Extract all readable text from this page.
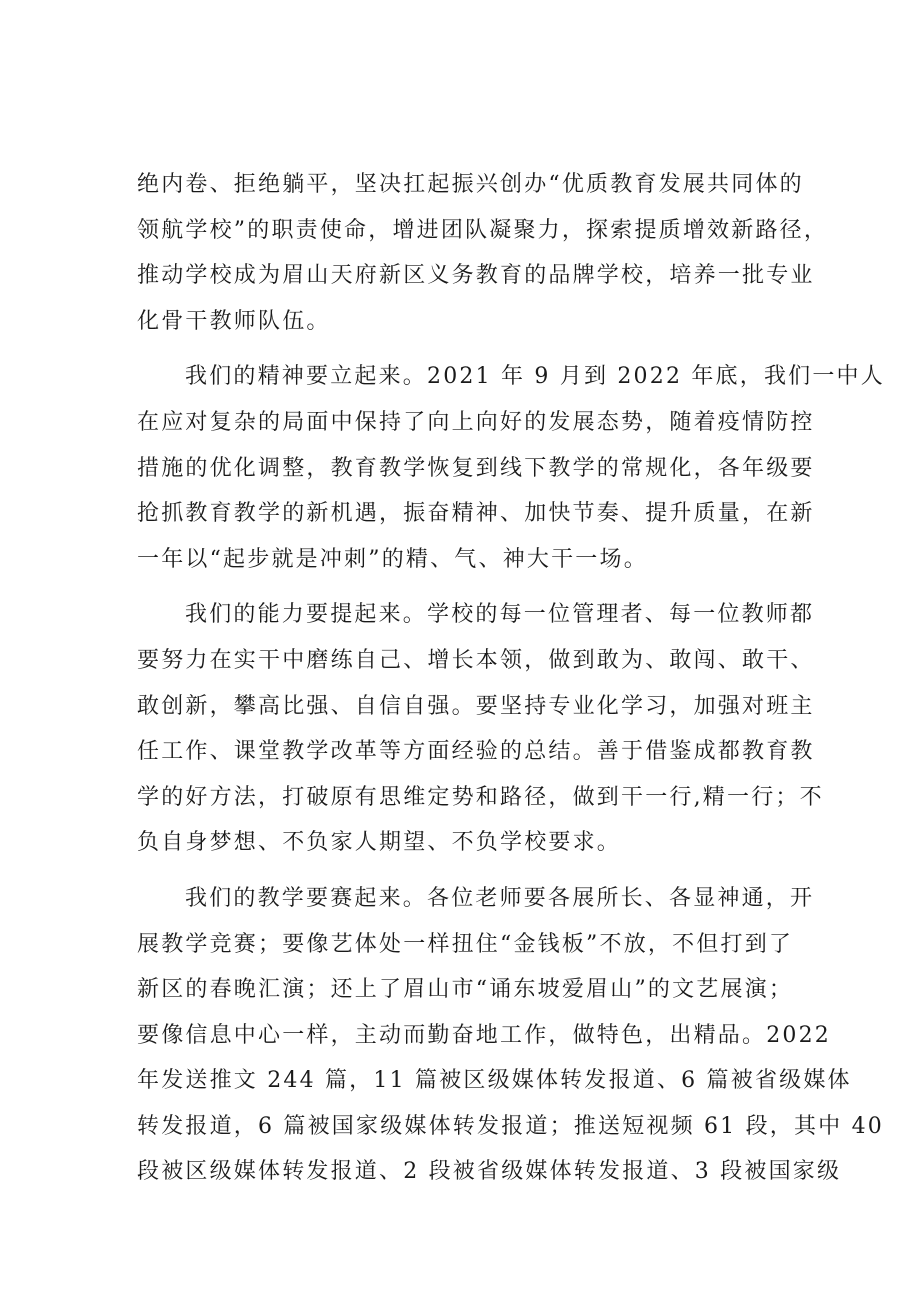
绝内卷、拒绝躺平，坚决扛起振兴创办“优质教育发展共同体的
领航学校”的职责使命，增进团队凝聚力，探索提质增效新路径，
推动学校成为眉山天府新区义务教育的品牌学校，培养一批专业
化骨干教师队伍。

我们的精神要立起来。2021 年 9 月到 2022 年底，我们一中人
在应对复杂的局面中保持了向上向好的发展态势，随着疫情防控
措施的优化调整，教育教学恢复到线下教学的常规化，各年级要
抢抓教育教学的新机遇，振奋精神、加快节奏、提升质量，在新
一年以“起步就是冲刺”的精、气、神大干一场。

我们的能力要提起来。学校的每一位管理者、每一位教师都
要努力在实干中磨练自己、增长本领，做到敢为、敢闯、敢干、
敢创新，攀高比强、自信自强。要坚持专业化学习，加强对班主
任工作、课堂教学改革等方面经验的总结。善于借鉴成都教育教
学的好方法，打破原有思维定势和路径，做到干一行,精一行；不
负自身梦想、不负家人期望、不负学校要求。

我们的教学要赛起来。各位老师要各展所长、各显神通，开
展教学竞赛；要像艺体处一样扭住“金钱板”不放，不但打到了
新区的春晚汇演；还上了眉山市“诵东坡爱眉山”的文艺展演；
要像信息中心一样，主动而勤奋地工作，做特色，出精品。2022
年发送推文 244 篇，11 篇被区级媒体转发报道、6 篇被省级媒体
转发报道，6 篇被国家级媒体转发报道；推送短视频 61 段，其中 40
段被区级媒体转发报道、2 段被省级媒体转发报道、3 段被国家级
